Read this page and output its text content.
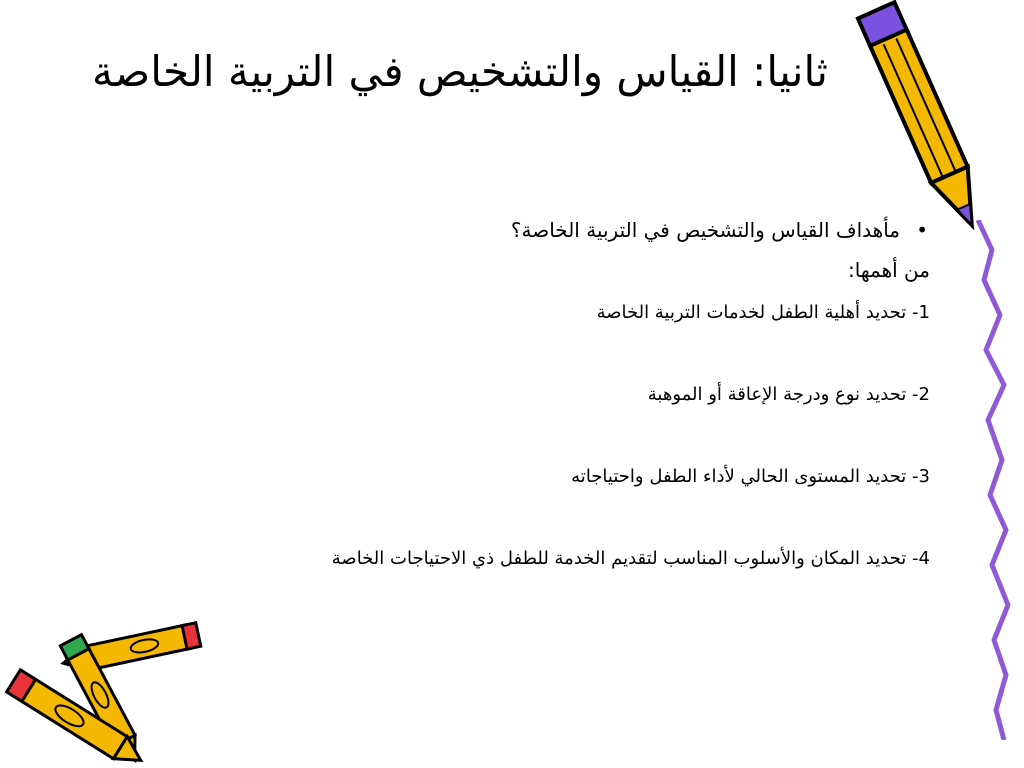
ثانيا: القياس والتشخيص في التربية الخاصة
•
مأهداف القياس والتشخيص في التربية الخاصة؟
من أهمها:
1- تحديد أهلية الطفل لخدمات التربية الخاصة
2- تحديد نوع ودرجة الإعاقة أو الموهبة
3- تحديد المستوى الحالي لأداء الطفل واحتياجاته
4- تحديد المكان والأسلوب المناسب لتقديم الخدمة للطفل ذي الاحتياجات الخاصة
